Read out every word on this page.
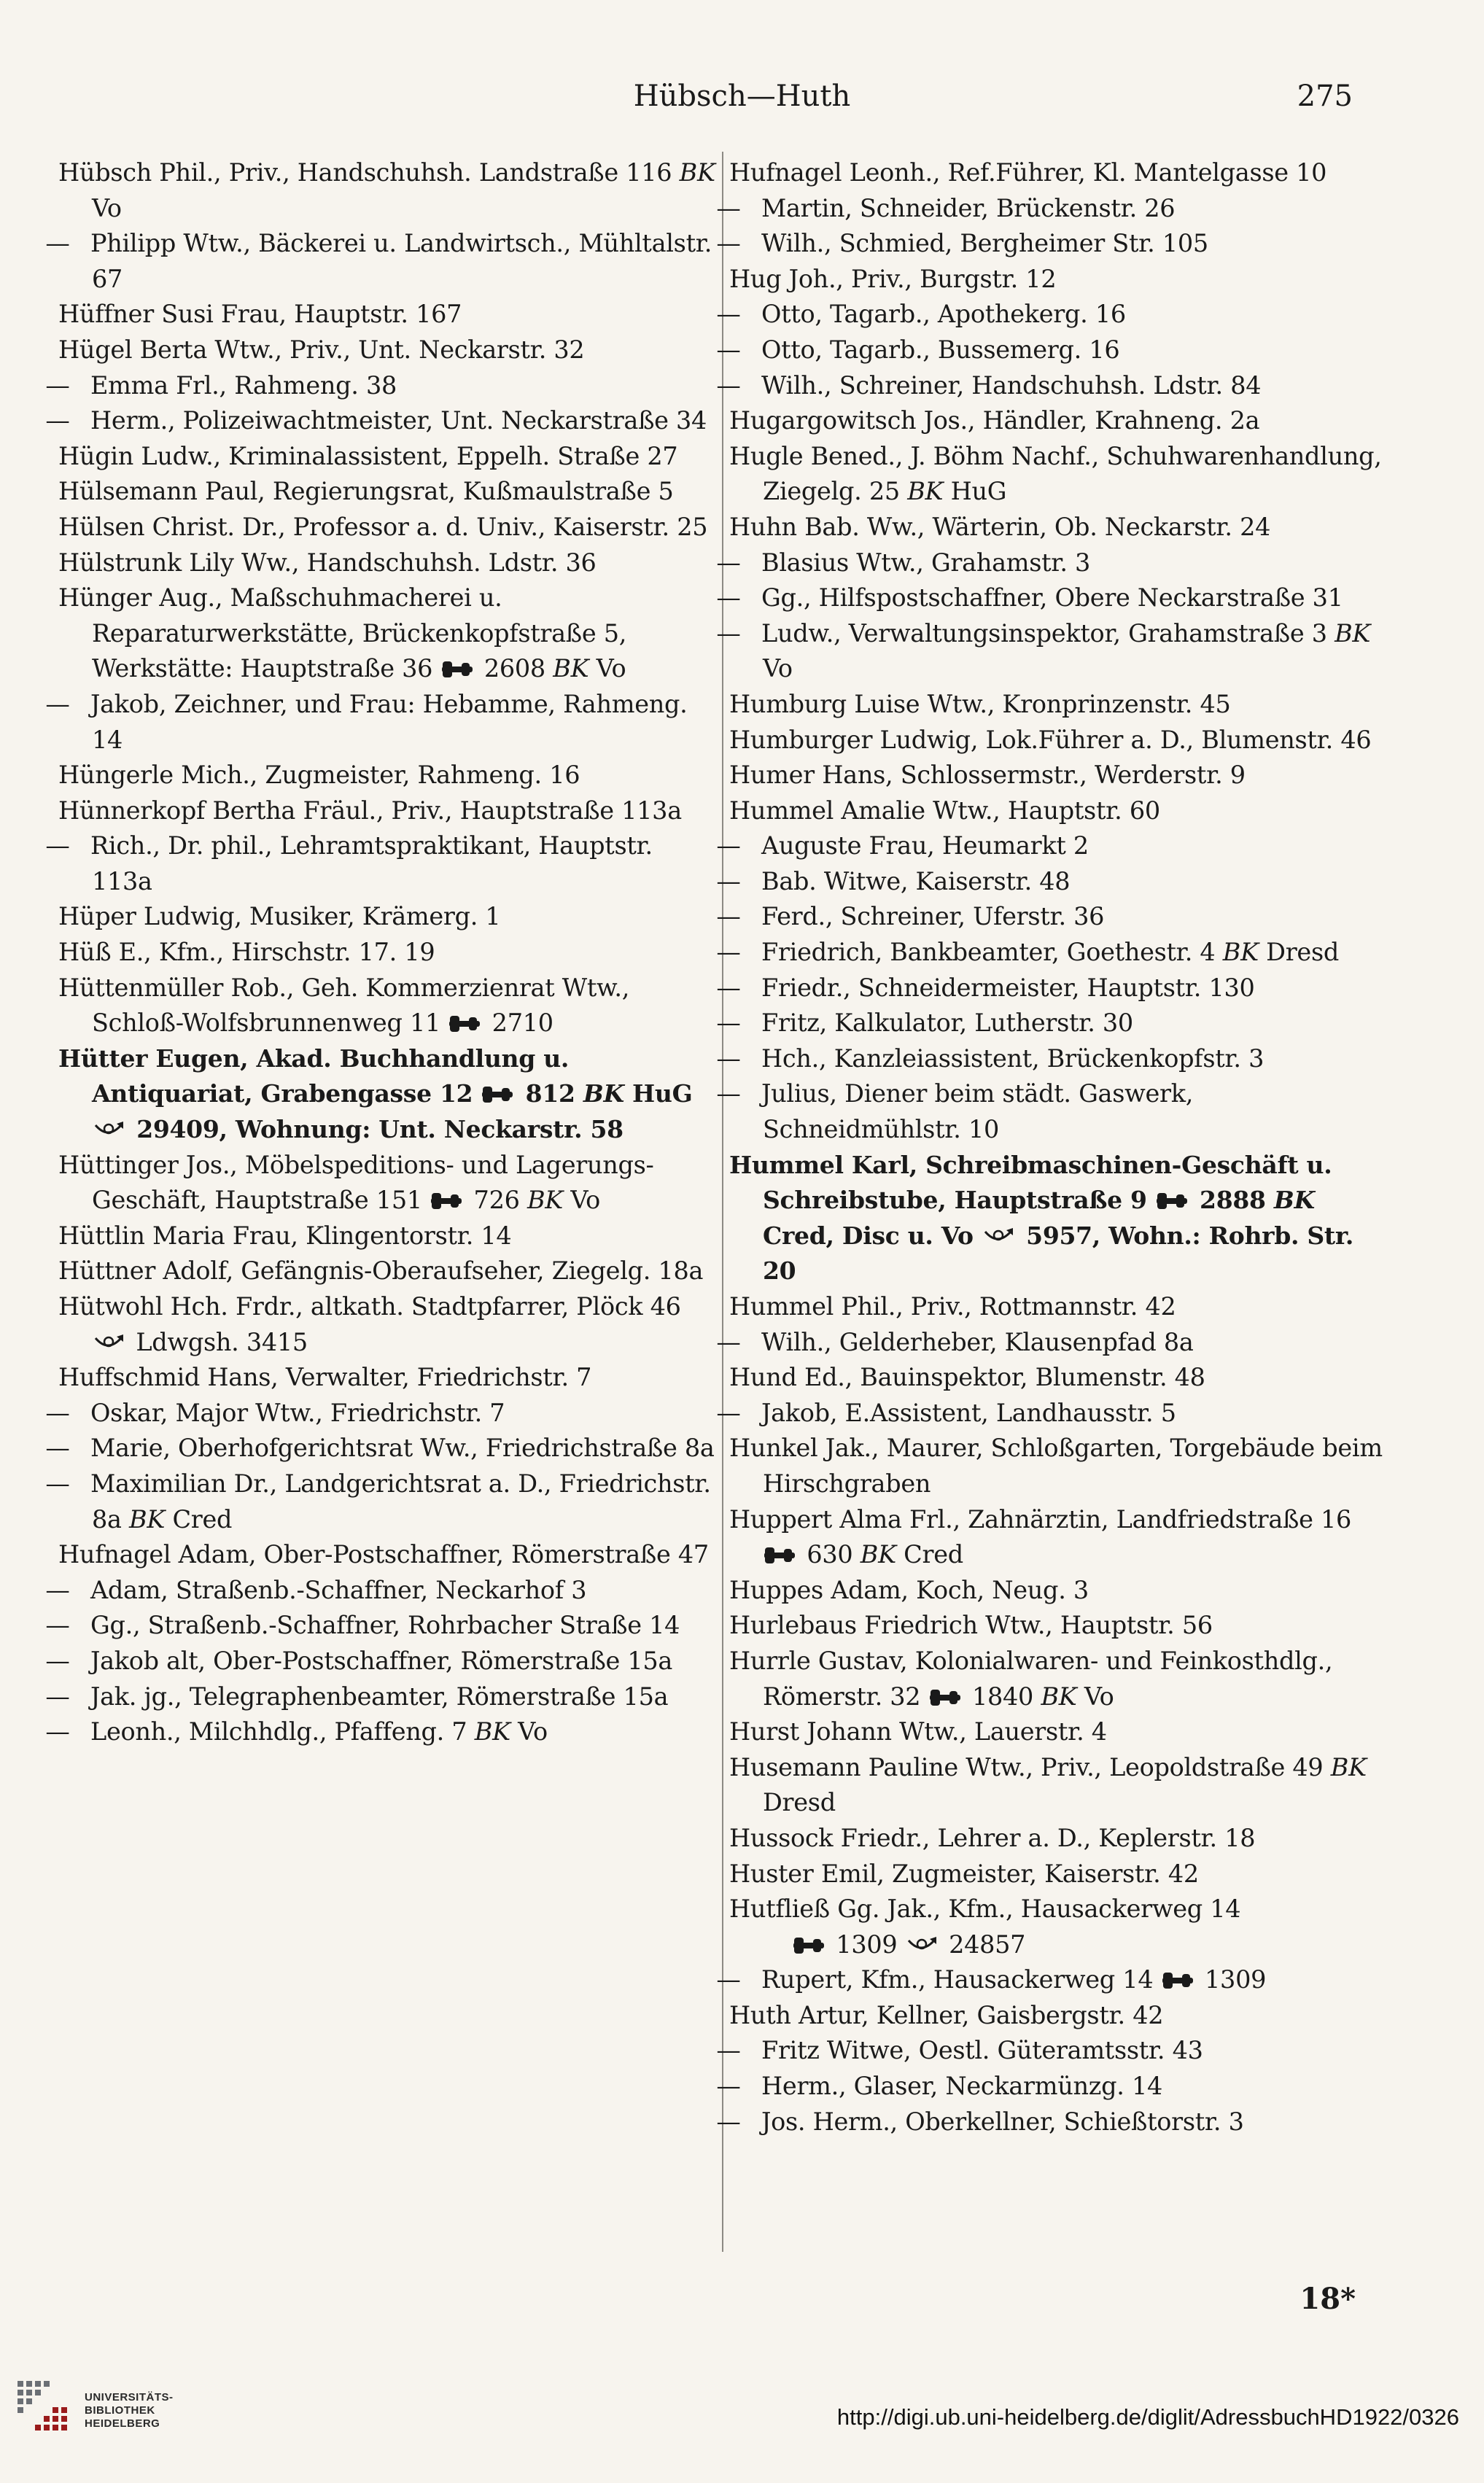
Hübsch—Huth	275
Hübsch Phil., Priv., Handschuhsh. Landstraße 116 BK Vo
— Philipp Wtw., Bäckerei u. Landwirtsch., Mühltalstr. 67
Hüffner Susi Frau, Hauptstr. 167
Hügel Berta Wtw., Priv., Unt. Neckarstr. 32
— Emma Frl., Rahmeng. 38
— Herm., Polizeiwachtmeister, Unt. Neckarstraße 34
Hügin Ludw., Kriminalassistent, Eppelh. Straße 27
Hülsemann Paul, Regierungsrat, Kußmaulstraße 5
Hülsen Christ. Dr., Professor a. d. Univ., Kaiserstr. 25
Hülstrunk Lily Ww., Handschuhsh. Ldstr. 36
Hünger Aug., Maßschuhmacherei u. Reparaturwerkstätte, Brückenkopfstraße 5, Werkstätte: Hauptstraße 36  2608 BK Vo
— Jakob, Zeichner, und Frau: Hebamme, Rahmeng. 14
Hüngerle Mich., Zugmeister, Rahmeng. 16
Hünnerkopf Bertha Fräul., Priv., Hauptstraße 113a
— Rich., Dr. phil., Lehramtspraktikant, Hauptstr. 113a
Hüper Ludwig, Musiker, Krämerg. 1
Hüß E., Kfm., Hirschstr. 17. 19
Hüttenmüller Rob., Geh. Kommerzienrat Wtw., Schloß-Wolfsbrunnenweg 11  2710
Hütter Eugen, Akad. Buchhandlung u. Antiquariat, Grabengasse 12  812 BK HuG  29409, Wohnung: Unt. Neckarstr. 58
Hüttinger Jos., Möbelspeditions- und Lagerungs-Geschäft, Hauptstraße 151  726 BK Vo
Hüttlin Maria Frau, Klingentorstr. 14
Hüttner Adolf, Gefängnis-Oberaufseher, Ziegelg. 18a
Hütwohl Hch. Frdr., altkath. Stadtpfarrer, Plöck 46  Ldwgsh. 3415
Huffschmid Hans, Verwalter, Friedrichstr. 7
— Oskar, Major Wtw., Friedrichstr. 7
— Marie, Oberhofgerichtsrat Ww., Friedrichstraße 8a
— Maximilian Dr., Landgerichtsrat a. D., Friedrichstr. 8a BK Cred
Hufnagel Adam, Ober-Postschaffner, Römerstraße 47
— Adam, Straßenb.-Schaffner, Neckarhof 3
— Gg., Straßenb.-Schaffner, Rohrbacher Straße 14
— Jakob alt, Ober-Postschaffner, Römerstraße 15a
— Jak. jg., Telegraphenbeamter, Römerstraße 15a
— Leonh., Milchhdlg., Pfaffeng. 7 BK Vo
Hufnagel Leonh., Ref.Führer, Kl. Mantelgasse 10
— Martin, Schneider, Brückenstr. 26
— Wilh., Schmied, Bergheimer Str. 105
Hug Joh., Priv., Burgstr. 12
— Otto, Tagarb., Apothekerg. 16
— Otto, Tagarb., Bussemerg. 16
— Wilh., Schreiner, Handschuhsh. Ldstr. 84
Hugargowitsch Jos., Händler, Krahneng. 2a
Hugle Bened., J. Böhm Nachf., Schuhwarenhandlung, Ziegelg. 25 BK HuG
Huhn Bab. Ww., Wärterin, Ob. Neckarstr. 24
— Blasius Wtw., Grahamstr. 3
— Gg., Hilfspostschaffner, Obere Neckarstraße 31
— Ludw., Verwaltungsinspektor, Grahamstraße 3 BK Vo
Humburg Luise Wtw., Kronprinzenstr. 45
Humburger Ludwig, Lok.Führer a. D., Blumenstr. 46
Humer Hans, Schlossermstr., Werderstr. 9
Hummel Amalie Wtw., Hauptstr. 60
— Auguste Frau, Heumarkt 2
— Bab. Witwe, Kaiserstr. 48
— Ferd., Schreiner, Uferstr. 36
— Friedrich, Bankbeamter, Goethestr. 4 BK Dresd
— Friedr., Schneidermeister, Hauptstr. 130
— Fritz, Kalkulator, Lutherstr. 30
— Hch., Kanzleiassistent, Brückenkopfstr. 3
— Julius, Diener beim städt. Gaswerk, Schneidmühlstr. 10
Hummel Karl, Schreibmaschinen-Geschäft u. Schreibstube, Hauptstraße 9  2888 BK Cred, Disc u. Vo  5957, Wohn.: Rohrb. Str. 20
Hummel Phil., Priv., Rottmannstr. 42
— Wilh., Gelderheber, Klausenpfad 8a
Hund Ed., Bauinspektor, Blumenstr. 48
— Jakob, E.Assistent, Landhausstr. 5
Hunkel Jak., Maurer, Schloßgarten, Torgebäude beim Hirschgraben
Huppert Alma Frl., Zahnärztin, Landfriedstraße 16  630 BK Cred
Huppes Adam, Koch, Neug. 3
Hurlebaus Friedrich Wtw., Hauptstr. 56
Hurrle Gustav, Kolonialwaren- und Feinkosthdlg., Römerstr. 32  1840 BK Vo
Hurst Johann Wtw., Lauerstr. 4
Husemann Pauline Wtw., Priv., Leopoldstraße 49 BK Dresd
Hussock Friedr., Lehrer a. D., Keplerstr. 18
Huster Emil, Zugmeister, Kaiserstr. 42
Hutfließ Gg. Jak., Kfm., Hausackerweg 14
1309  24857
— Rupert, Kfm., Hausackerweg 14  1309
Huth Artur, Kellner, Gaisbergstr. 42
— Fritz Witwe, Oestl. Güteramtsstr. 43
— Herm., Glaser, Neckarmünzg. 14
— Jos. Herm., Oberkellner, Schießtorstr. 3
18*
UNIVERSITÄTS-
BIBLIOTHEK
HEIDELBERG	http://digi.ub.uni-heidelberg.de/diglit/AdressbuchHD1922/0326
